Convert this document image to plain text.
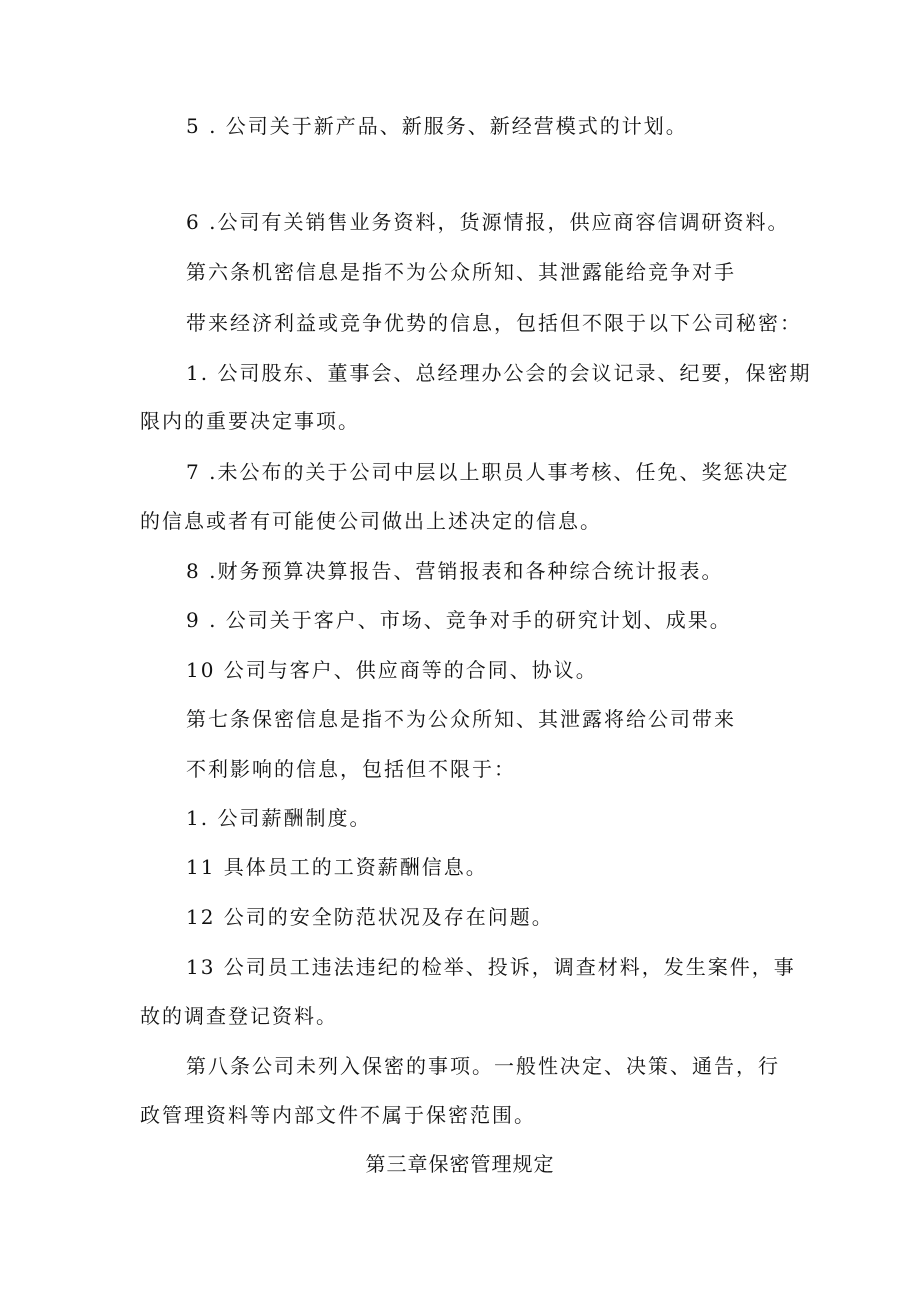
5 . 公司关于新产品、新服务、新经营模式的计划。
6 .公司有关销售业务资料，货源情报，供应商容信调研资料。
第六条机密信息是指不为公众所知、其泄露能给竞争对手
带来经济利益或竞争优势的信息，包括但不限于以下公司秘密：
1. 公司股东、董事会、总经理办公会的会议记录、纪要，保密期
限内的重要决定事项。
7 .未公布的关于公司中层以上职员人事考核、任免、奖惩决定
的信息或者有可能使公司做出上述决定的信息。
8 .财务预算决算报告、营销报表和各种综合统计报表。
9 . 公司关于客户、市场、竞争对手的研究计划、成果。
10 公司与客户、供应商等的合同、协议。
第七条保密信息是指不为公众所知、其泄露将给公司带来
不利影响的信息，包括但不限于：
1. 公司薪酬制度。
11 具体员工的工资薪酬信息。
12 公司的安全防范状况及存在问题。
13 公司员工违法违纪的检举、投诉，调查材料，发生案件，事
故的调查登记资料。
第八条公司未列入保密的事项。一般性决定、决策、通告，行
政管理资料等内部文件不属于保密范围。
第三章保密管理规定
